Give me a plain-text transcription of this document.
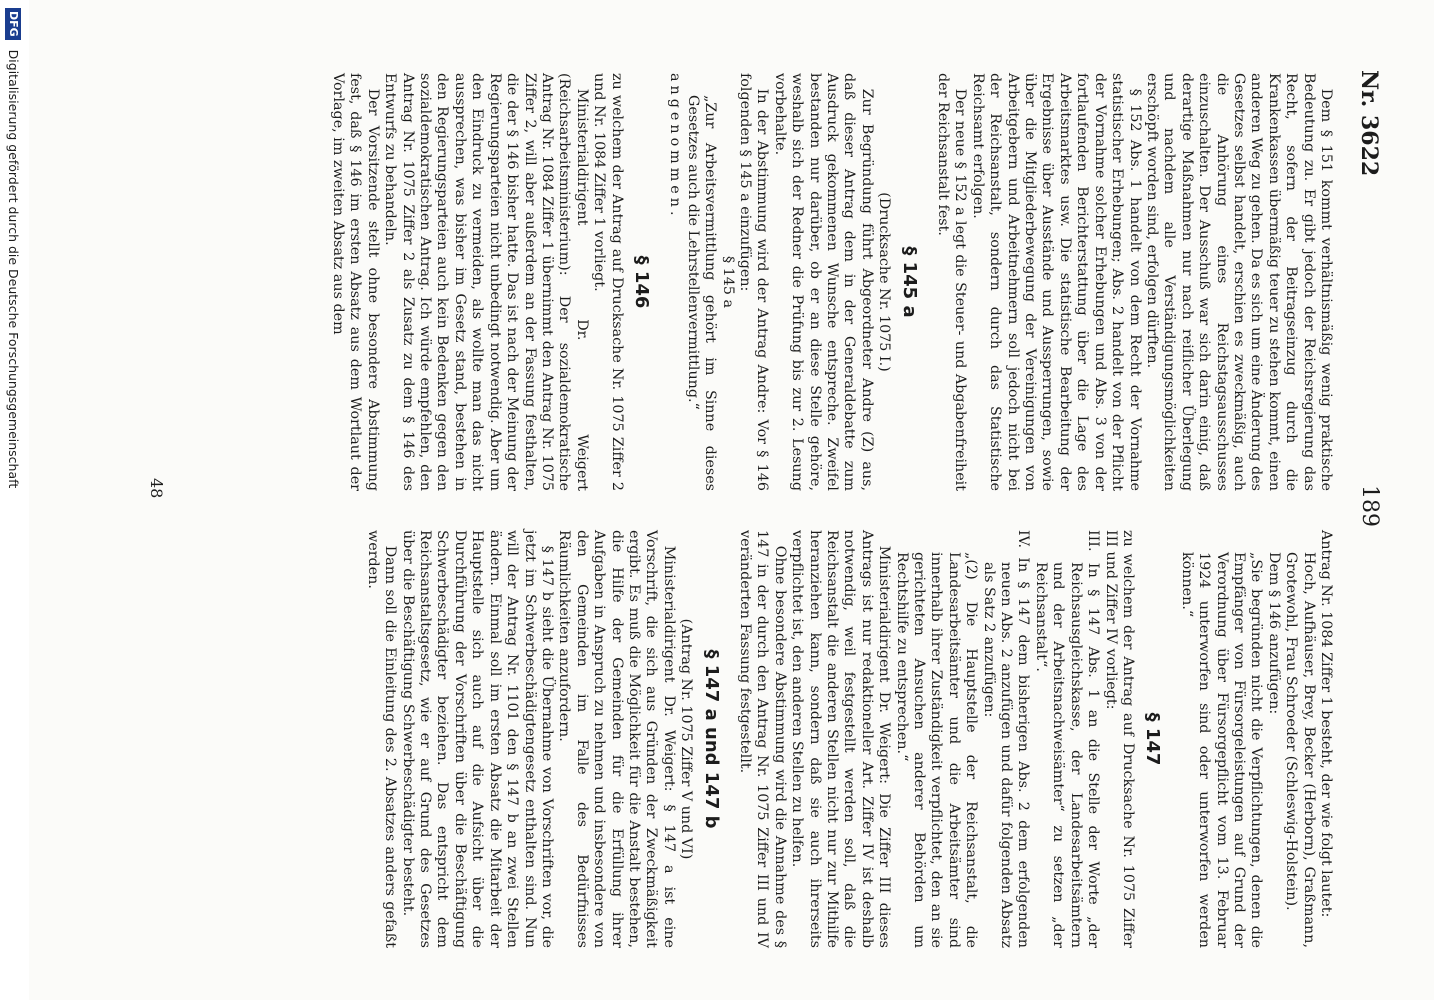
Nr. 3622
189

Dem § 151 kommt verhältnismäßig wenig praktische Bedeutung zu. Er gibt jedoch der Reichsregierung das Recht, sofern der Beitragseinzug durch die Krankenkassen übermäßig teuer zu stehen kommt, einen anderen Weg zu gehen. Da es sich um eine Änderung des Gesetzes selbst handelt, erschien es zweckmäßig, auch die Anhörung eines Reichstagsausschusses einzuschalten. Der Ausschuß war sich darin einig, daß derartige Maßnahmen nur nach reiflicher Überlegung und nachdem alle Verständigungsmöglichkeiten erschöpft worden sind, erfolgen dürften.

§ 152 Abs. 1 handelt von dem Recht der Vornahme statistischer Erhebungen; Abs. 2 handelt von der Pflicht der Vornahme solcher Erhebungen und Abs. 3 von der fortlaufenden Berichterstattung über die Lage des Arbeitsmarktes usw. Die statistische Bearbeitung der Ergebnisse über Ausstände und Aussperrungen, sowie über die Mitgliederbewegung der Vereinigungen von Arbeitgebern und Arbeitnehmern soll jedoch nicht bei der Reichsanstalt, sondern durch das Statistische Reichsamt erfolgen.

Der neue § 152 a legt die Steuer- und Abgabenfreiheit der Reichsanstalt fest.

§ 145 a

(Drucksache Nr. 1075 I.)

Zur Begründung führt Abgeordneter Andre (Z) aus, daß dieser Antrag dem in der Generaldebatte zum Ausdruck gekommenen Wunsche entspreche. Zweifel bestanden nur darüber, ob er an diese Stelle gehöre, weshalb sich der Redner die Prüfung bis zur 2. Lesung vorbehalte.

In der Abstimmung wird der Antrag Andre: Vor § 146 folgenden § 145 a einzufügen:

§ 145 a

„Zur Arbeitsvermittlung gehört im Sinne dieses Gesetzes auch die Lehrstellenvermittlung.“

angenommen.

§ 146

zu welchem der Antrag auf Drucksache Nr. 1075 Ziffer 2 und Nr. 1084 Ziffer 1 vorliegt.

Ministerialdirigent Dr. Weigert (Reichsarbeitsministerium): Der sozialdemokratische Antrag Nr. 1084 Ziffer 1 übernimmt den Antrag Nr. 1075 Ziffer 2, will aber außerdem an der Fassung festhalten, die der § 146 bisher hatte. Das ist nach der Meinung der Regierungsparteien nicht unbedingt notwendig. Aber um den Eindruck zu vermeiden, als wollte man das nicht aussprechen, was bisher im Gesetz stand, bestehen in den Regierungsparteien auch kein Bedenken gegen den sozialdemokratischen Antrag. Ich würde empfehlen, den Antrag Nr. 1075 Ziffer 2 als Zusatz zu dem § 146 des Entwurfs zu behandeln.

Der Vorsitzende stellt ohne besondere Abstimmung fest, daß § 146 im ersten Absatz aus dem Wortlaut der Vorlage, im zweiten Absatz aus dem

Antrag Nr. 1084 Ziffer 1 besteht, der wie folgt lautet:

Hoch, Aufhäuser, Brey, Becker (Herborn), Graßmann, Grotewohl, Frau Schroeder (Schleswig-Holstein).

Dem § 146 anzufügen:

„Sie begründen nicht die Verpflichtungen, denen die Empfänger von Fürsorgeleistungen auf Grund der Verordnung über Fürsorgepflicht vom 13. Februar 1924 unterworfen sind oder unterworfen werden können.“

§ 147

zu welchem der Antrag auf Drucksache Nr. 1075 Ziffer III und Ziffer IV vorliegt:

III. In § 147 Abs. 1 an die Stelle der Worte „der Reichsausgleichskasse, der Landesarbeitsämtern und der Arbeitsnachweisämter“ zu setzen „der Reichsanstalt“.

IV. In § 147 dem bisherigen Abs. 2 dem erfolgenden neuen Abs. 2 anzufügen und dafür folgenden Absatz als Satz 2 anzufügen:

„(2) Die Hauptstelle der Reichsanstalt, die Landesarbeitsämter und die Arbeitsämter sind innerhalb ihrer Zuständigkeit verpflichtet, den an sie gerichteten Ansuchen anderer Behörden um Rechtshilfe zu entsprechen.“

Ministerialdirigent Dr. Weigert: Die Ziffer III dieses Antrags ist nur redaktioneller Art. Ziffer IV ist deshalb notwendig, weil festgestellt werden soll, daß die Reichsanstalt die anderen Stellen nicht nur zur Mithilfe heranziehen kann, sondern daß sie auch ihrerseits verpflichtet ist, den anderen Stellen zu helfen.

Ohne besondere Abstimmung wird die Annahme des § 147 in der durch den Antrag Nr. 1075 Ziffer III und IV veränderten Fassung festgestellt.

§ 147 a und 147 b

(Antrag Nr. 1075 Ziffer V und VI)

Ministerialdirigent Dr. Weigert: § 147 a ist eine Vorschrift, die sich aus Gründen der Zweckmäßigkeit ergibt. Es muß die Möglichkeit für die Anstalt bestehen, die Hilfe der Gemeinden für die Erfüllung ihrer Aufgaben in Anspruch zu nehmen und insbesondere von den Gemeinden im Falle des Bedürfnisses Räumlichkeiten anzufordern.

§ 147 b sieht die Übernahme von Vorschriften vor, die jetzt im Schwerbeschädigtengesetz enthalten sind. Nun will der Antrag Nr. 1101 den § 147 b an zwei Stellen ändern. Einmal soll im ersten Absatz die Mitarbeit der Hauptstelle sich auch auf die Aufsicht über die Durchführung der Vorschriften über die Beschäftigung Schwerbeschädigter beziehen. Das entspricht dem Reichsanstaltsgesetz, wie er auf Grund des Gesetzes über die Beschäftigung Schwerbeschädigter besteht.

Dann soll die Einleitung des 2. Absatzes anders gefaßt werden.

48
DFG Digitalisierung gefördert durch die Deutsche Forschungsgemeinschaft
